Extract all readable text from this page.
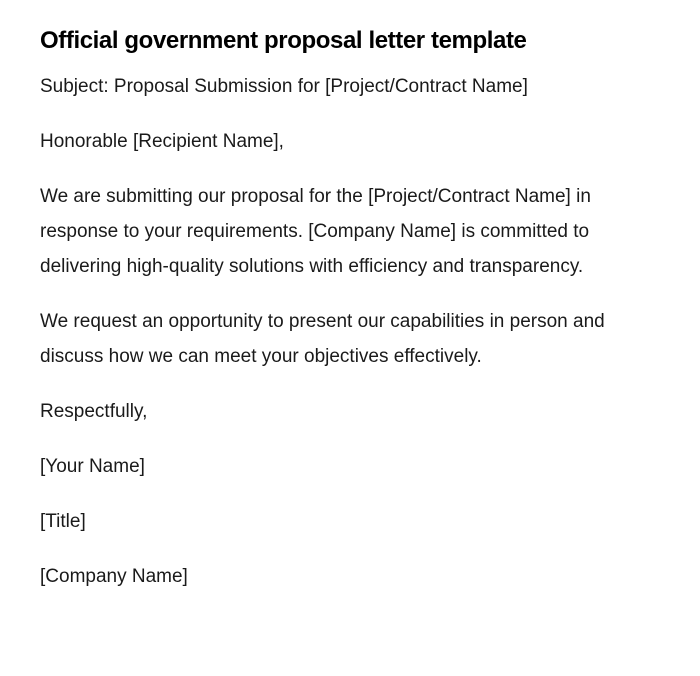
Official government proposal letter template

Subject: Proposal Submission for [Project/Contract Name]

Honorable [Recipient Name],

We are submitting our proposal for the [Project/Contract Name] in response to your requirements. [Company Name] is committed to delivering high-quality solutions with efficiency and transparency.

We request an opportunity to present our capabilities in person and discuss how we can meet your objectives effectively.

Respectfully,

[Your Name]

[Title]

[Company Name]
